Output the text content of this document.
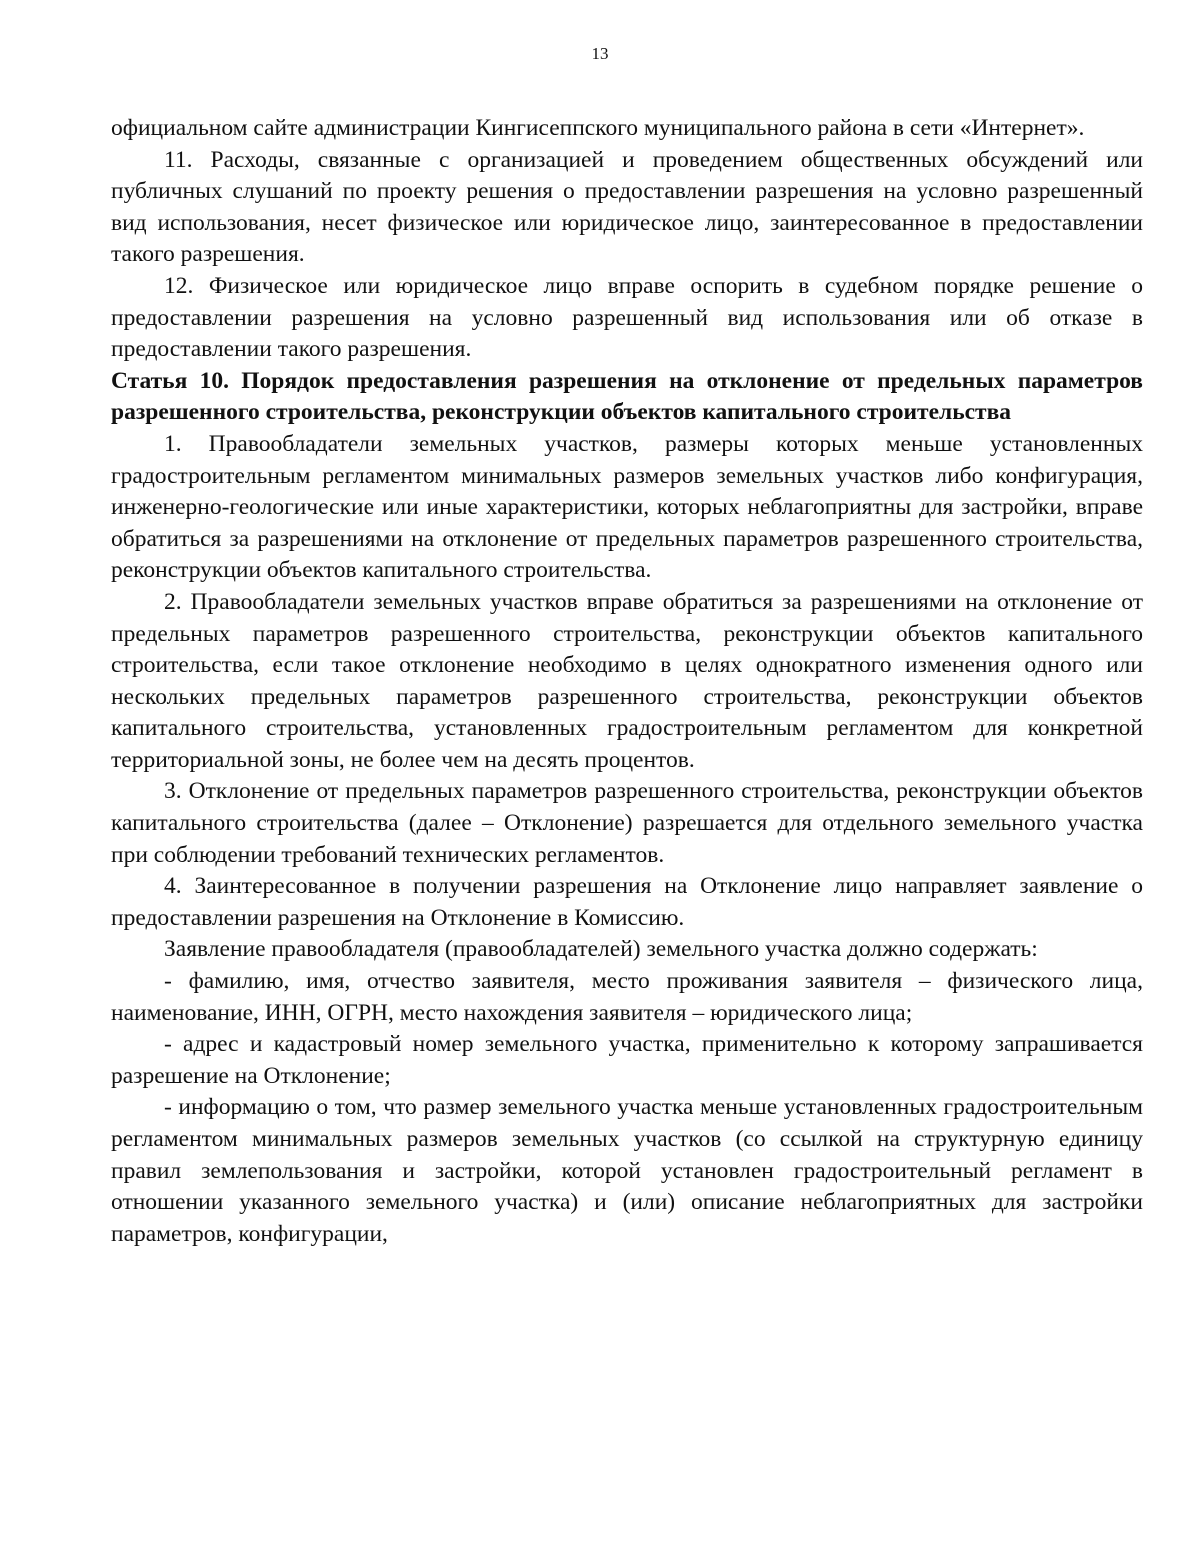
13

официальном сайте администрации Кингисеппского муниципального района в сети «Интернет».

11. Расходы, связанные с организацией и проведением общественных обсуждений или публичных слушаний по проекту решения о предоставлении разрешения на условно разрешенный вид использования, несет физическое или юридическое лицо, заинтересованное в предоставлении такого разрешения.

12. Физическое или юридическое лицо вправе оспорить в судебном порядке решение о предоставлении разрешения на условно разрешенный вид использования или об отказе в предоставлении такого разрешения.

Статья 10. Порядок предоставления разрешения на отклонение от предельных параметров разрешенного строительства, реконструкции объектов капитального строительства

1. Правообладатели земельных участков, размеры которых меньше установленных градостроительным регламентом минимальных размеров земельных участков либо конфигурация, инженерно-геологические или иные характеристики, которых неблагоприятны для застройки, вправе обратиться за разрешениями на отклонение от предельных параметров разрешенного строительства, реконструкции объектов капитального строительства.

2. Правообладатели земельных участков вправе обратиться за разрешениями на отклонение от предельных параметров разрешенного строительства, реконструкции объектов капитального строительства, если такое отклонение необходимо в целях однократного изменения одного или нескольких предельных параметров разрешенного строительства, реконструкции объектов капитального строительства, установленных градостроительным регламентом для конкретной территориальной зоны, не более чем на десять процентов.

3. Отклонение от предельных параметров разрешенного строительства, реконструкции объектов капитального строительства (далее – Отклонение) разрешается для отдельного земельного участка при соблюдении требований технических регламентов.

4. Заинтересованное в получении разрешения на Отклонение лицо направляет заявление о предоставлении разрешения на Отклонение в Комиссию.

Заявление правообладателя (правообладателей) земельного участка должно содержать:

- фамилию, имя, отчество заявителя, место проживания заявителя – физического лица, наименование, ИНН, ОГРН, место нахождения заявителя – юридического лица;

- адрес и кадастровый номер земельного участка, применительно к которому запрашивается разрешение на Отклонение;

- информацию о том, что размер земельного участка меньше установленных градостроительным регламентом минимальных размеров земельных участков (со ссылкой на структурную единицу правил землепользования и застройки, которой установлен градостроительный регламент в отношении указанного земельного участка) и (или) описание неблагоприятных для застройки параметров, конфигурации,
